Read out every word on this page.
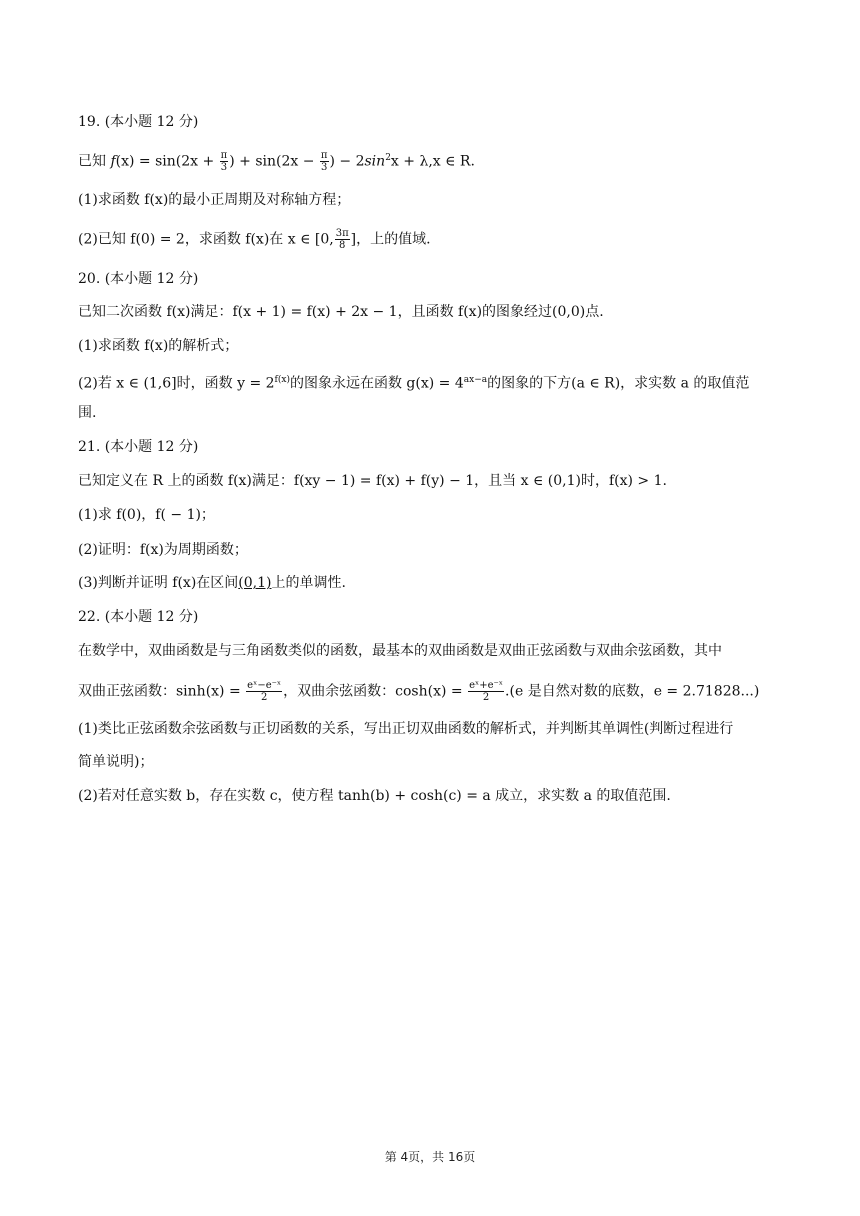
19. (本小题 12 分)
已知 $f(x) = \sin(2x + \frac{\pi}{3}$ ) + $\sin(2x - \frac{\pi}{3}$ ) − $2\sin^2x + \lambda,x$ ∈ R.
(1)求函数 f(x)的最小正周期及对称轴方程；
(2)已知 f(0) = 2，求函数 f(x)在 x ∈ [0, $\frac{3\pi}{8}$ ]，上的值域.
20. (本小题 12 分)
已知二次函数 f(x)满足：f(x + 1) = f(x) + 2x − 1，且函数 f(x)的图象经过(0,0)点.
(1)求函数 f(x)的解析式；
(2)若 x ∈ (1,6]时，函数 $y = 2^{f(x)}$的图象永远在函数 $g(x) = 4^{ax-a}$的图象的下方(a ∈ R)，求实数 a 的取值范
围.
21. (本小题 12 分)
已知定义在 R 上的函数 f(x)满足：f(xy − 1) = f(x) + f(y) − 1，且当 x ∈ (0,1)时，f(x) > 1.
(1)求 f(0)，f( − 1)；
(2)证明：f(x)为周期函数；
(3)判断并证明 f(x)在区间(0,1)上的单调性.
22. (本小题 12 分)
在数学中，双曲函数是与三角函数类似的函数，最基本的双曲函数是双曲正弦函数与双曲余弦函数，其中
双曲正弦函数：$\sinh(x) = \frac{\text{eˣ−e⁻ˣ}}{2}$ ，双曲余弦函数：$\cosh(x) = \frac{\text{eˣ+e⁻ˣ}}{2} .(e$ 是自然对数的底数，e = 2.71828...)
(1)类比正弦函数余弦函数与正切函数的关系，写出正切双曲函数的解析式，并判断其单调性(判断过程进行
简单说明)；
(2)若对任意实数 b，存在实数 c，使方程 tanh(b) + cosh(c) = a 成立，求实数 a 的取值范围.
第 4页，共 16页
